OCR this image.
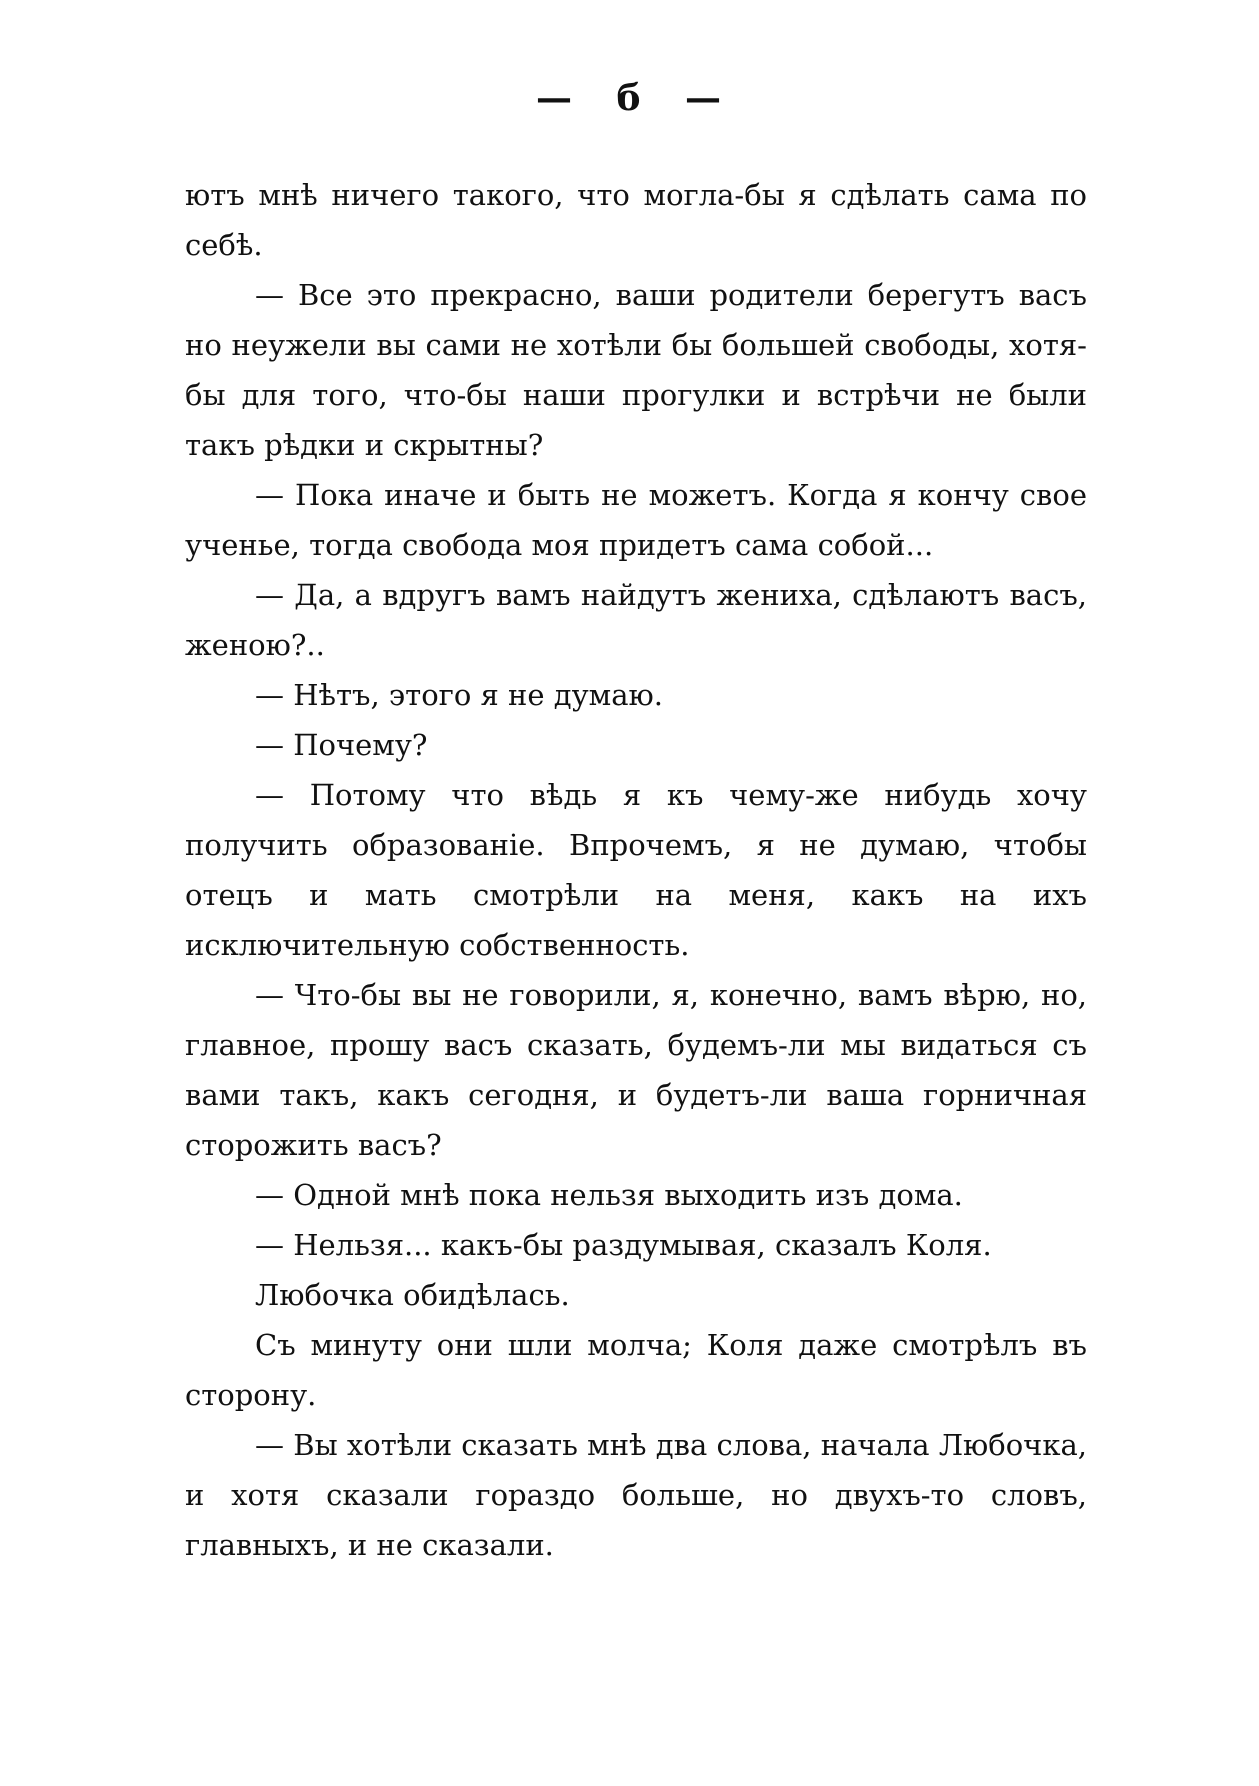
— б —

ютъ мнѣ ничего такого, что могла-бы я сдѣлать сама по себѣ.

— Все это прекрасно, ваши родители берегутъ васъ но неужели вы сами не хотѣли бы большей свободы, хотя-бы для того, что-бы наши прогулки и встрѣчи не были такъ рѣдки и скрытны?

— Пока иначе и быть не можетъ. Когда я кончу свое ученье, тогда свобода моя придетъ сама собой...

— Да, а вдругъ вамъ найдутъ жениха, сдѣлаютъ васъ, женою?..

— Нѣтъ, этого я не думаю.

— Почему?

— Потому что вѣдь я къ чему-же нибудь хочу получить образованіе. Впрочемъ, я не думаю, чтобы отецъ и мать смотрѣли на меня, какъ на ихъ исключительную собственность.

— Что-бы вы не говорили, я, конечно, вамъ вѣрю, но, главное, прошу васъ сказать, будемъ-ли мы видаться съ вами такъ, какъ сегодня, и будетъ-ли ваша горничная сторожить васъ?

— Одной мнѣ пока нельзя выходить изъ дома.

— Нельзя... какъ-бы раздумывая, сказалъ Коля.

Любочка обидѣлась.

Съ минуту они шли молча; Коля даже смотрѣлъ въ сторону.

— Вы хотѣли сказать мнѣ два слова, начала Любочка, и хотя сказали гораздо больше, но двухъ-то словъ, главныхъ, и не сказали.
